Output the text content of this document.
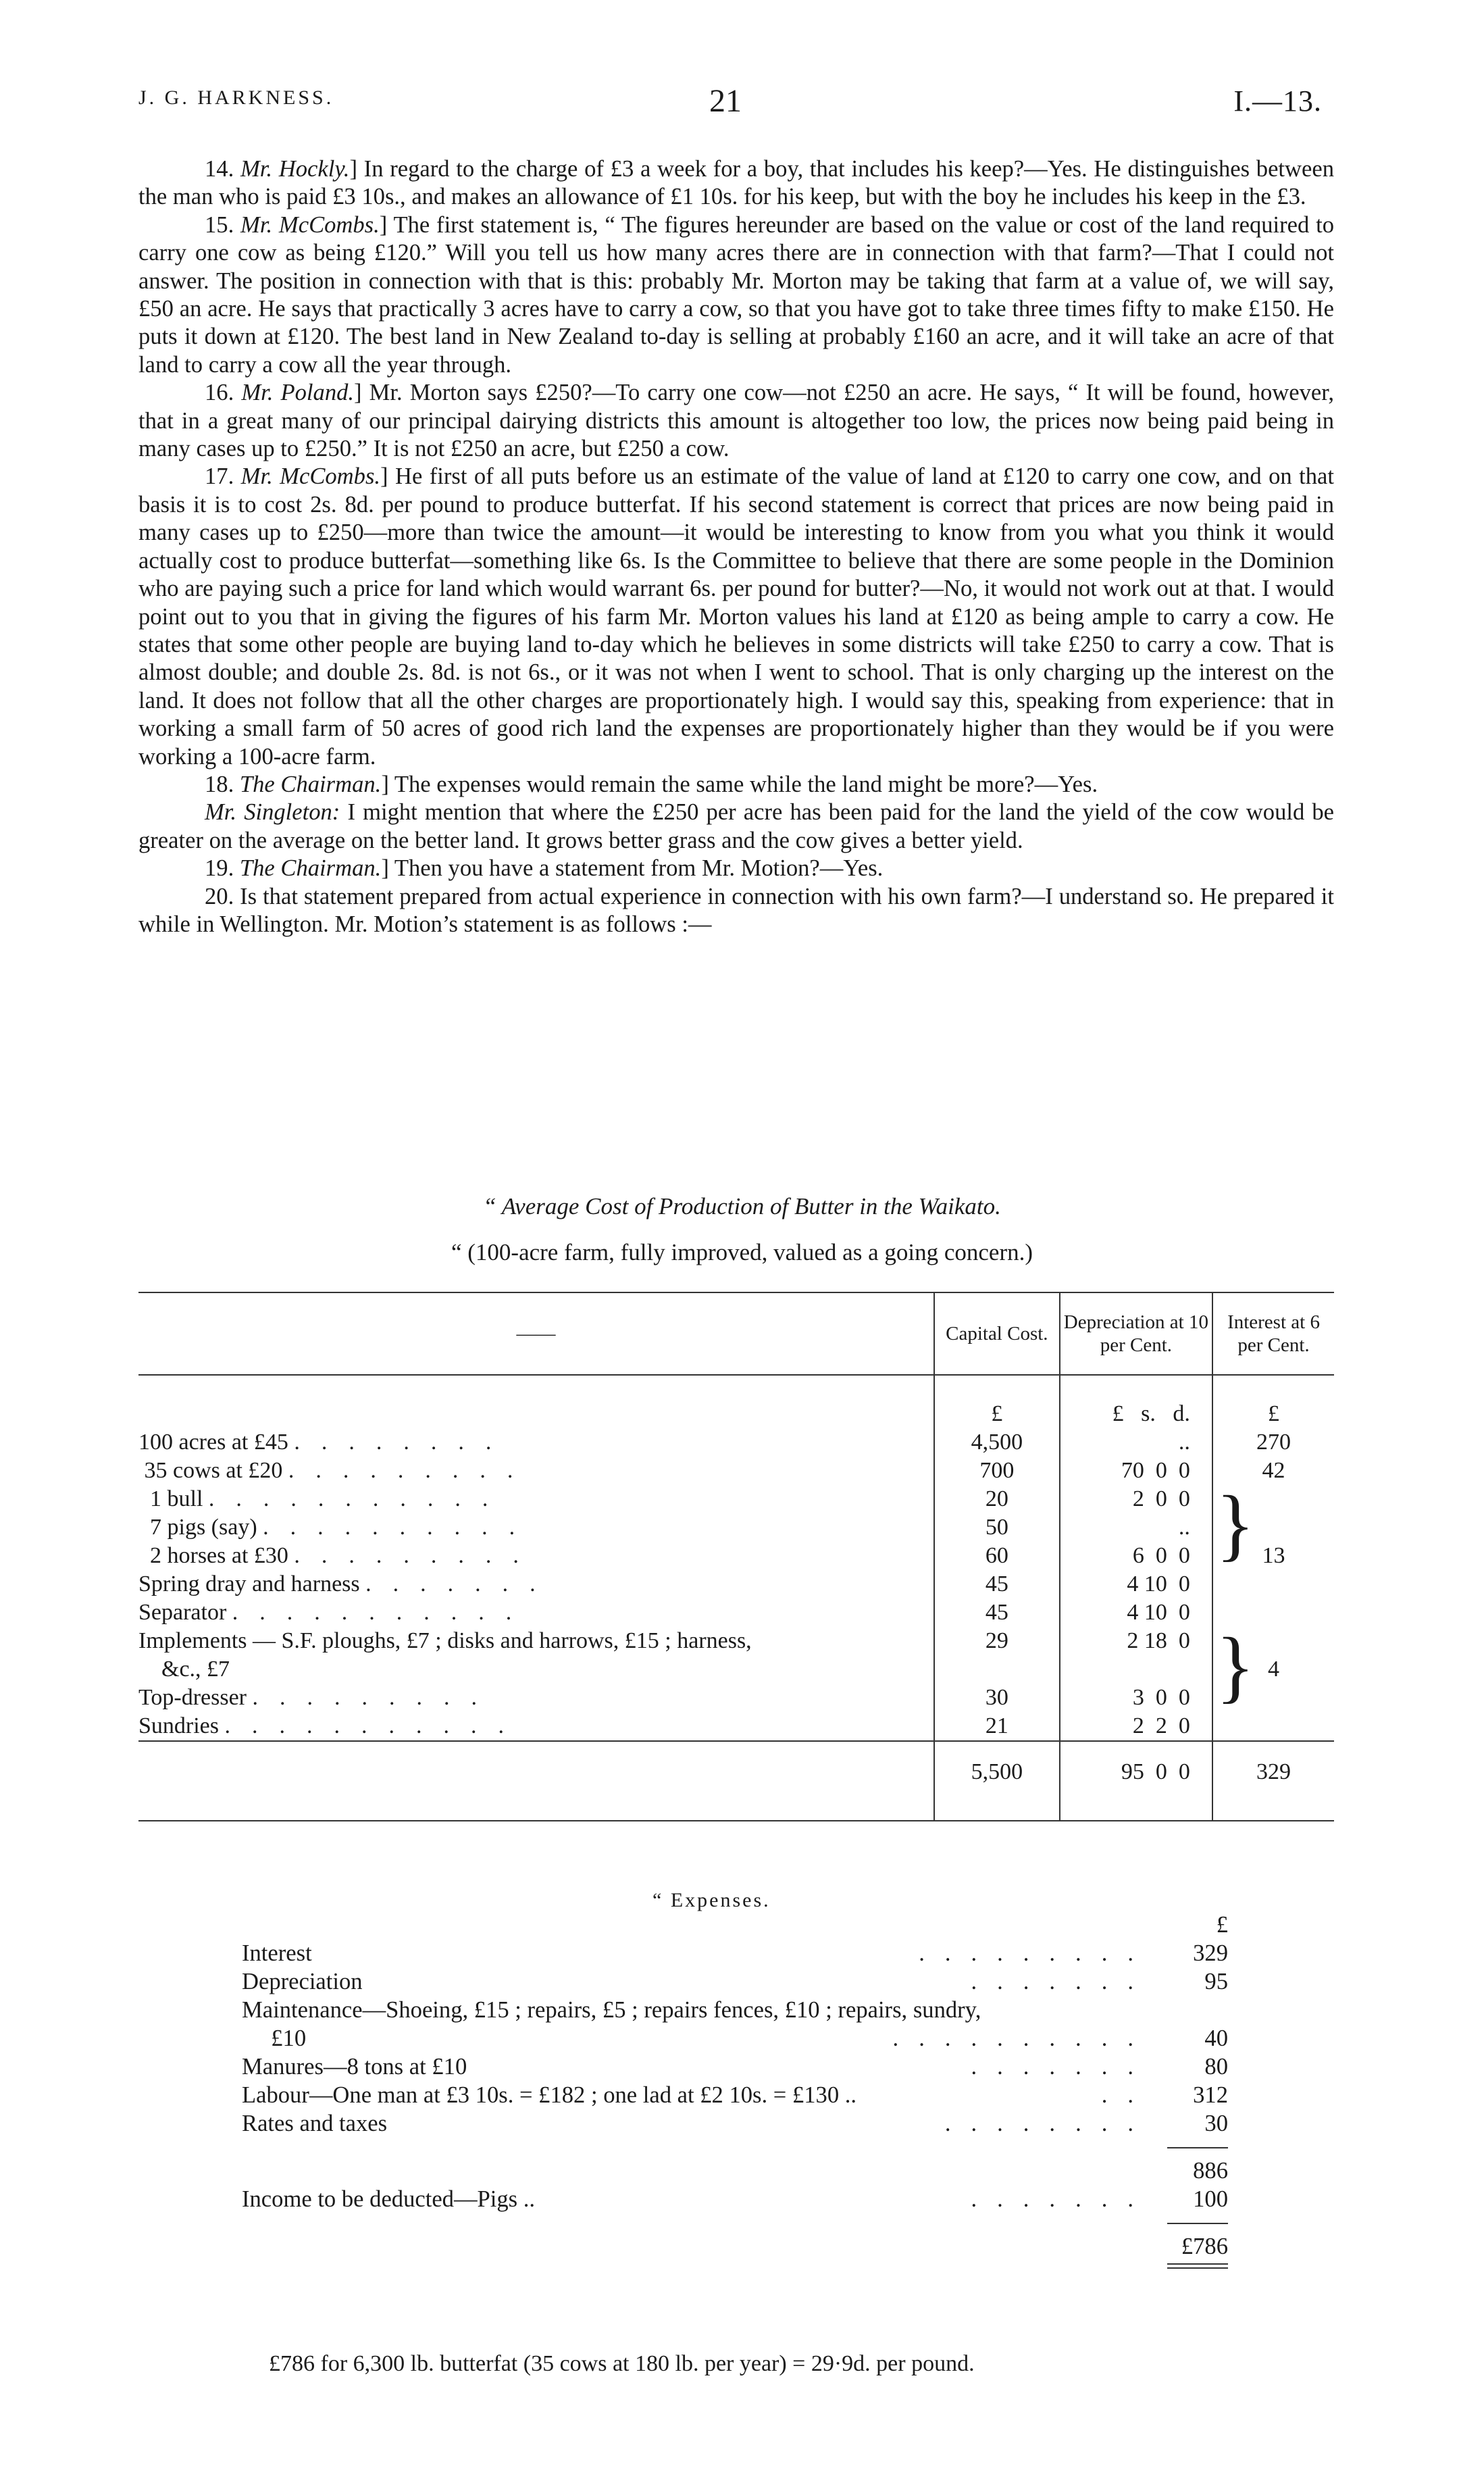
J. G. HARKNESS.	21	I.—13.

14. Mr. Hockly.] In regard to the charge of £3 a week for a boy, that includes his keep?—Yes. He distinguishes between the man who is paid £3 10s., and makes an allowance of £1 10s. for his keep, but with the boy he includes his keep in the £3.

15. Mr. McCombs.] The first statement is, “ The figures hereunder are based on the value or cost of the land required to carry one cow as being £120.” Will you tell us how many acres there are in connection with that farm?—That I could not answer. The position in connection with that is this: probably Mr. Morton may be taking that farm at a value of, we will say, £50 an acre. He says that practically 3 acres have to carry a cow, so that you have got to take three times fifty to make £150. He puts it down at £120. The best land in New Zealand to-day is selling at probably £160 an acre, and it will take an acre of that land to carry a cow all the year through.

16. Mr. Poland.] Mr. Morton says £250?—To carry one cow—not £250 an acre. He says, “ It will be found, however, that in a great many of our principal dairying districts this amount is altogether too low, the prices now being paid being in many cases up to £250.” It is not £250 an acre, but £250 a cow.

17. Mr. McCombs.] He first of all puts before us an estimate of the value of land at £120 to carry one cow, and on that basis it is to cost 2s. 8d. per pound to produce butterfat. If his second statement is correct that prices are now being paid in many cases up to £250—more than twice the amount—it would be interesting to know from you what you think it would actually cost to produce butterfat—something like 6s. Is the Committee to believe that there are some people in the Dominion who are paying such a price for land which would warrant 6s. per pound for butter?—No, it would not work out at that. I would point out to you that in giving the figures of his farm Mr. Morton values his land at £120 as being ample to carry a cow. He states that some other people are buying land to-day which he believes in some districts will take £250 to carry a cow. That is almost double; and double 2s. 8d. is not 6s., or it was not when I went to school. That is only charging up the interest on the land. It does not follow that all the other charges are proportionately high. I would say this, speaking from experience: that in working a small farm of 50 acres of good rich land the expenses are proportionately higher than they would be if you were working a 100-acre farm.

18. The Chairman.] The expenses would remain the same while the land might be more?—Yes.

Mr. Singleton: I might mention that where the £250 per acre has been paid for the land the yield of the cow would be greater on the average on the better land. It grows better grass and the cow gives a better yield.

19. The Chairman.] Then you have a statement from Mr. Motion?—Yes.

20. Is that statement prepared from actual experience in connection with his own farm?—I understand so. He prepared it while in Wellington. Mr. Motion’s statement is as follows :—

“ Average Cost of Production of Butter in the Waikato.
“ (100-acre farm, fully improved, valued as a going concern.)
——	Capital Cost.	Depreciation at 10 per Cent.	Interest at 6 per Cent.
	£	£   s.   d.	£
100 acres at £45 ........	4,500	..	270
35 cows at £20 .........	700	70  0  0	42
1 bull ...........	20	2  0  0	
7 pigs (say) ..........	50	..	
2 horses at £30 .........	60	6  0  0	13
Spring dray and harness .......	45	4 10  0	
Separator ...........	45	4 10  0	
Implements — S.F. ploughs, £7 ; disks and harrows, £15 ; harness,	29	2 18  0	
&c., £7			4
Top-dresser .........	30	3  0  0	
Sundries ...........	21	2  2  0	
	5,500	95  0  0	329

}
}
“ Expenses.
£
Interest	.........	329
Depreciation	.......	95
Maintenance—Shoeing, £15 ; repairs, £5 ; repairs fences, £10 ; repairs, sundry,
£10	..........	40
Manures—8 tons at £10	.......	80
Labour—One man at £3 10s. = £182 ; one lad at £2 10s. = £130 ..	..	312
Rates and taxes	........	30
886
Income to be deducted—Pigs ..	.......	100
£786
£786 for 6,300 lb. butterfat (35 cows at 180 lb. per year) = 29·9d. per pound.
